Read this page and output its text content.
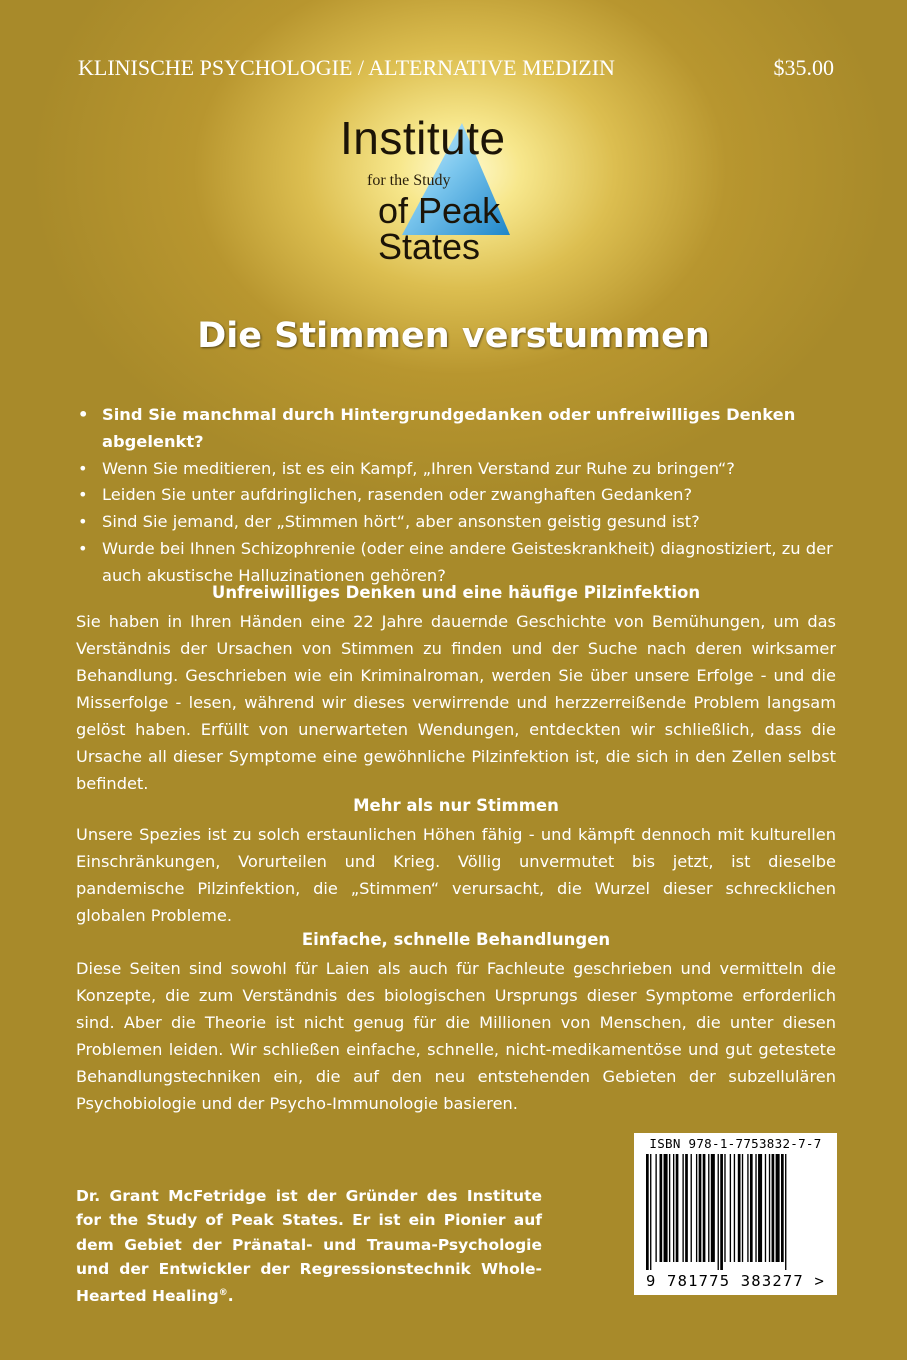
KLINISCHE PSYCHOLOGIE / ALTERNATIVE MEDIZIN	$35.00
Institute
for the Study
of Peak States
Die Stimmen verstummen
• Sind Sie manchmal durch Hintergrundgedanken oder unfreiwilliges Denken abgelenkt?
• Wenn Sie meditieren, ist es ein Kampf, „Ihren Verstand zur Ruhe zu bringen“?
• Leiden Sie unter aufdringlichen, rasenden oder zwanghaften Gedanken?
• Sind Sie jemand, der „Stimmen hört“, aber ansonsten geistig gesund ist?
• Wurde bei Ihnen Schizophrenie (oder eine andere Geisteskrankheit) diagnostiziert, zu der auch akustische Halluzinationen gehören?
Unfreiwilliges Denken und eine häufige Pilzinfektion

Sie haben in Ihren Händen eine 22 Jahre dauernde Geschichte von Bemühungen, um das Verständnis der Ursachen von Stimmen zu finden und der Suche nach deren wirksamer Behandlung. Geschrieben wie ein Kriminalroman, werden Sie über unsere Erfolge - und die Misserfolge - lesen, während wir dieses verwirrende und herzzerreißende Problem langsam gelöst haben. Erfüllt von unerwarteten Wendungen, entdeckten wir schließlich, dass die Ursache all dieser Symptome eine gewöhnliche Pilzinfektion ist, die sich in den Zellen selbst befindet.

Mehr als nur Stimmen

Unsere Spezies ist zu solch erstaunlichen Höhen fähig - und kämpft dennoch mit kulturellen Einschränkungen, Vorurteilen und Krieg. Völlig unvermutet bis jetzt, ist dieselbe pandemische Pilzinfektion, die „Stimmen“ verursacht, die Wurzel dieser schrecklichen globalen Probleme.

Einfache, schnelle Behandlungen

Diese Seiten sind sowohl für Laien als auch für Fachleute geschrieben und vermitteln die Konzepte, die zum Verständnis des biologischen Ursprungs dieser Symptome erforderlich sind. Aber die Theorie ist nicht genug für die Millionen von Menschen, die unter diesen Problemen leiden. Wir schließen einfache, schnelle, nicht-medikamentöse und gut getestete Behandlungstechniken ein, die auf den neu entstehenden Gebieten der subzellulären Psychobiologie und der Psycho-Immunologie basieren.

Dr. Grant McFetridge ist der Gründer des Institute for the Study of Peak States. Er ist ein Pionier auf dem Gebiet der Pränatal- und Trauma-Psychologie und der Entwickler der Regressionstechnik Whole-Hearted Healing®.

ISBN 978-1-7753832-7-7
9 781775 383277 >
